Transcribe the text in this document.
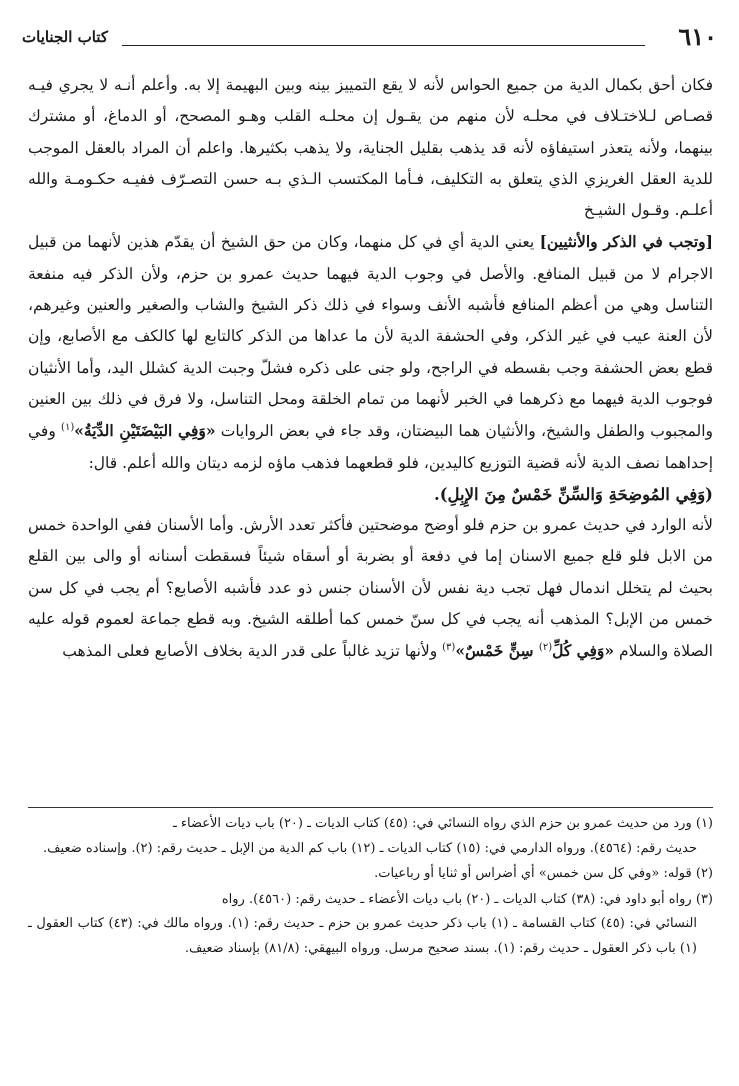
٦١٠
كتاب الجنايات

فكان أحق بكمال الدية من جميع الحواس لأنه لا يقع التمييز بينه وبين البهيمة إلا به. وأعلم أنـه لا يجري فيـه قصـاص لـلاختـلاف في محلـه لأن منهم من يقـول إن محلـه القلب وهـو المصحح، أو الدماغ، أو مشترك بينهما، ولأنه يتعذر استيفاؤه لأنه قد يذهب بقليل الجناية، ولا يذهب بكثيرها. واعلم أن المراد بالعقل الموجب للدية العقل الغريزي الذي يتعلق به التكليف، فـأما المكتسب الـذي بـه حسن التصـرّف ففيـه حكـومـة والله أعلـم. وقـول الشيـخ

[وتجب في الذكر والأنثيين] يعني الدية أي في كل منهما، وكان من حق الشيخ أن يقدّم هذين لأنهما من قبيل الاجرام لا من قبيل المنافع. والأصل في وجوب الدية فيهما حديث عمرو بن حزم، ولأن الذكر فيه منفعة التناسل وهي من أعظم المنافع فأشبه الأنف وسواء في ذلك ذكر الشيخ والشاب والصغير والعنين وغيرهم، لأن العنة عيب في غير الذكر، وفي الحشفة الدية لأن ما عداها من الذكر كالتابع لها كالكف مع الأصابع، وإن قطع بعض الحشفة وجب بقسطه في الراجح، ولو جنى على ذكره فشلّ وجبت الدية كشلل اليد، وأما الأنثيان فوجوب الدية فيهما مع ذكرهما في الخبر لأنهما من تمام الخلقة ومحل التناسل، ولا فرق في ذلك بين العنين والمجبوب والطفل والشيخ، والأنثيان هما البيضتان، وقد جاء في بعض الروايات «وَفِي البَيْضَتَيْنِ الدِّيَةُ»$^{(١)}$ وفي إحداهما نصف الدية لأنه قضية التوزيع كاليدين، فلو قطعهما فذهب ماؤه لزمه ديتان والله أعلم. قال:

(وَفِي المُوضِحَةِ وَالسِّنِّ خَمْسٌ مِنَ الإِبِلِ).

لأنه الوارد في حديث عمرو بن حزم فلو أوضح موضحتين فأكثر تعدد الأرش. وأما الأسنان ففي الواحدة خمس من الابل فلو قلع جميع الاسنان إما في دفعة أو بضربة أو أسقاه شيئاً فسقطت أسنانه أو والى بين القلع بحيث لم يتخلل اندمال فهل تجب دية نفس لأن الأسنان جنس ذو عدد فأشبه الأصابع؟ أم يجب في كل سن خمس من الإبل؟ المذهب أنه يجب في كل سنّ خمس كما أطلقه الشيخ. وبه قطع جماعة لعموم قوله عليه الصلاة والسلام «وَفِي كُلِّ$^{(٢)}$ سِنٍّ خَمْسٌ»$^{(٣)}$ ولأنها تزيد غالباً على قدر الدية بخلاف الأصابع فعلى المذهب

(١) ورد من حديث عمرو بن حزم الذي رواه النسائي في: (٤٥) كتاب الديات ـ (٢٠) باب ديات الأعضاء ـ
حديث رقم: (٤٥٦٤). ورواه الدارمي في: (١٥) كتاب الديات ـ (١٢) باب كم الدية من الإبل ـ حديث رقم: (٢). وإسناده ضعيف.

(٢) قوله: «وفي كل سن خمس» أي أضراس أو ثنايا أو رباعيات.

(٣) رواه أبو داود في: (٣٨) كتاب الديات ـ (٢٠) باب ديات الأعضاء ـ حديث رقم: (٤٥٦٠). رواه
النسائي في: (٤٥) كتاب القسامة ـ (١) باب ذكر حديث عمرو بن حزم ـ حديث رقم: (١). ورواه مالك في: (٤٣) كتاب العقول ـ (١) باب ذكر العقول ـ حديث رقم: (١). بسند صحيح مرسل. ورواه البيهقي: (٨١/٨) بإسناد ضعيف.
